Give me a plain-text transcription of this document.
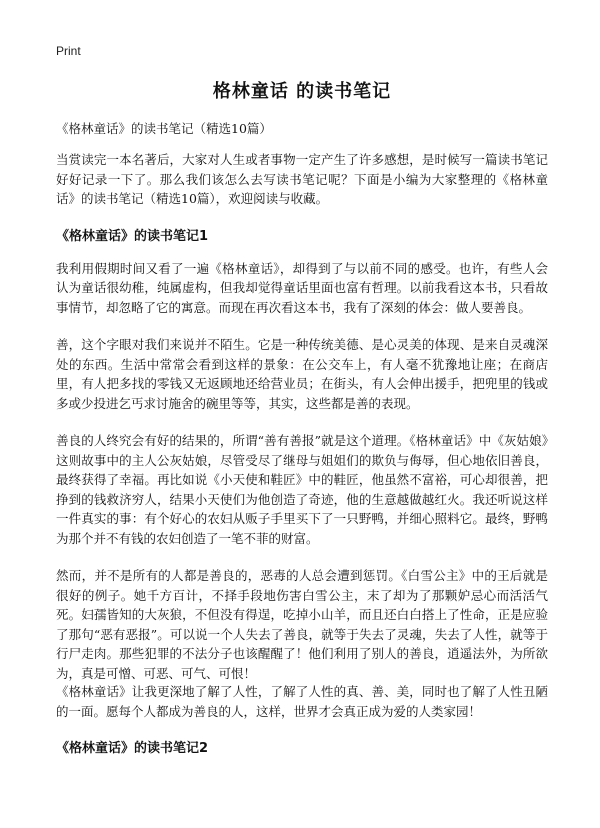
Print
格林童话 的读书笔记
《格林童话》的读书笔记（精选10篇）

当赏读完一本名著后，大家对人生或者事物一定产生了许多感想，是时候写一篇读书笔记好好记录一下了。那么我们该怎么去写读书笔记呢？下面是小编为大家整理的《格林童话》的读书笔记（精选10篇），欢迎阅读与收藏。

《格林童话》的读书笔记1

我利用假期时间又看了一遍《格林童话》，却得到了与以前不同的感受。也许，有些人会认为童话很幼稚，纯属虚构，但我却觉得童话里面也富有哲理。以前我看这本书，只看故事情节，却忽略了它的寓意。而现在再次看这本书，我有了深刻的体会：做人要善良。

善，这个字眼对我们来说并不陌生。它是一种传统美德、是心灵美的体现、是来自灵魂深处的东西。生活中常常会看到这样的景象：在公交车上，有人毫不犹豫地让座；在商店里，有人把多找的零钱又无返顾地还给营业员；在街头，有人会伸出援手，把兜里的钱或多或少投进乞丐求讨施舍的碗里等等，其实，这些都是善的表现。

善良的人终究会有好的结果的，所谓“善有善报”就是这个道理。《格林童话》中《灰姑娘》这则故事中的主人公灰姑娘，尽管受尽了继母与姐姐们的欺负与侮辱，但心地依旧善良，最终获得了幸福。再比如说《小天使和鞋匠》中的鞋匠，他虽然不富裕，可心却很善，把挣到的钱救济穷人，结果小天使们为他创造了奇迹，他的生意越做越红火。我还听说这样一件真实的事：有个好心的农妇从贩子手里买下了一只野鸭，并细心照料它。最终，野鸭为那个并不有钱的农妇创造了一笔不菲的财富。

然而，并不是所有的人都是善良的，恶毒的人总会遭到惩罚。《白雪公主》中的王后就是很好的例子。她千方百计，不择手段地伤害白雪公主，末了却为了那颗妒忌心而活活气死。妇孺皆知的大灰狼，不但没有得逞，吃掉小山羊，而且还白白搭上了性命，正是应验了那句“恶有恶报”。可以说一个人失去了善良，就等于失去了灵魂，失去了人性，就等于行尸走肉。那些犯罪的不法分子也该醒醒了！他们利用了别人的善良，逍遥法外，为所欲为，真是可憎、可恶、可气、可恨！

《格林童话》让我更深地了解了人性，了解了人性的真、善、美，同时也了解了人性丑陋的一面。愿每个人都成为善良的人，这样，世界才会真正成为爱的人类家园！

《格林童话》的读书笔记2
